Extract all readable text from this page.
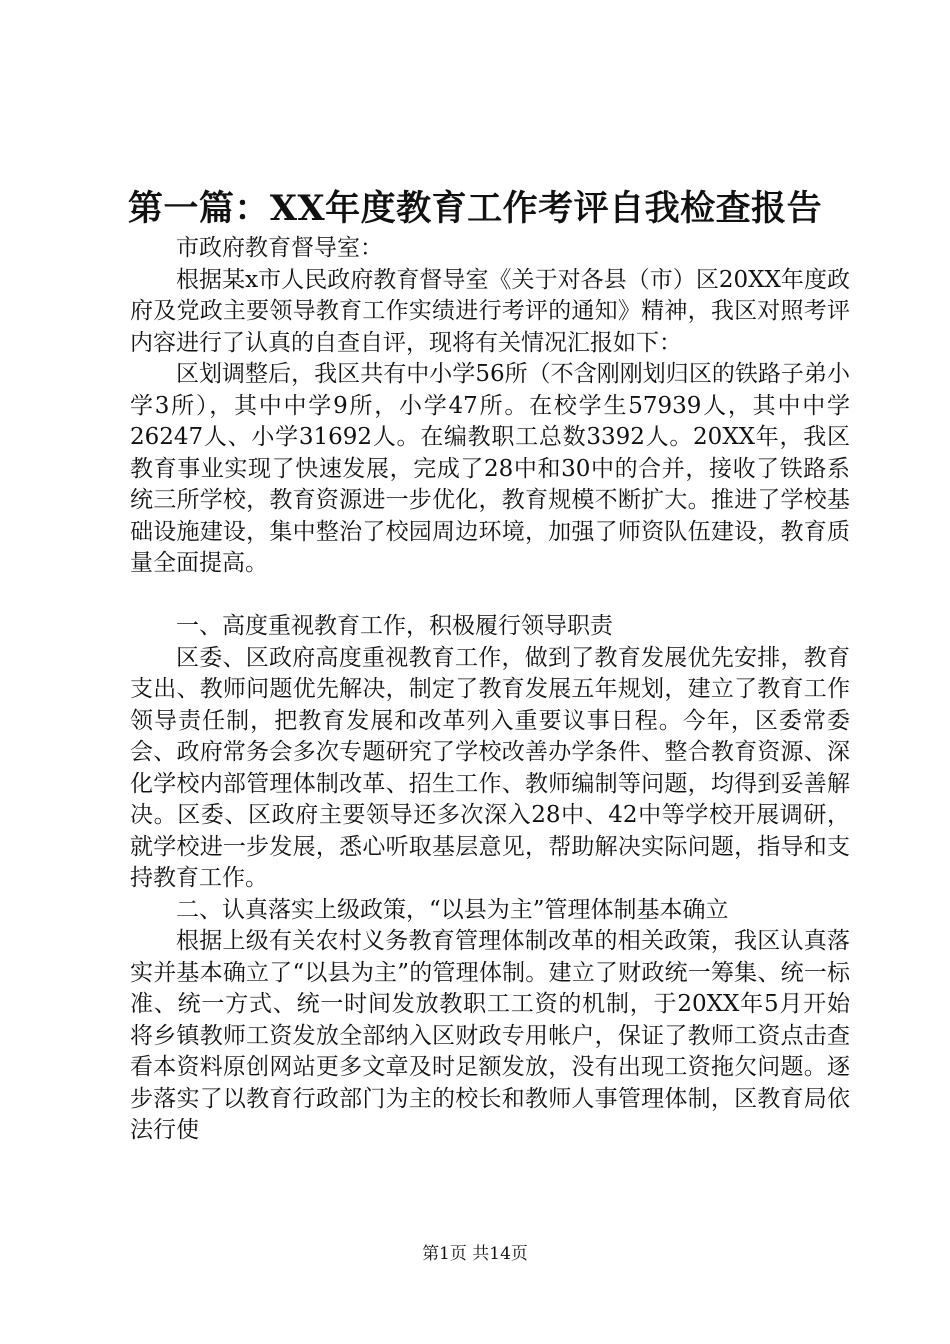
第一篇：XX年度教育工作考评自我检查报告

市政府教育督导室：

根据某x市人民政府教育督导室《关于对各县（市）区20XX年度政府及党政主要领导教育工作实绩进行考评的通知》精神，我区对照考评内容进行了认真的自查自评，现将有关情况汇报如下：

区划调整后，我区共有中小学56所（不含刚刚划归区的铁路子弟小学3所），其中中学9所，小学47所。在校学生57939人，其中中学26247人、小学31692人。在编教职工总数3392人。20XX年，我区教育事业实现了快速发展，完成了28中和30中的合并，接收了铁路系统三所学校，教育资源进一步优化，教育规模不断扩大。推进了学校基础设施建设，集中整治了校园周边环境，加强了师资队伍建设，教育质量全面提高。

一、高度重视教育工作，积极履行领导职责

区委、区政府高度重视教育工作，做到了教育发展优先安排，教育支出、教师问题优先解决，制定了教育发展五年规划，建立了教育工作领导责任制，把教育发展和改革列入重要议事日程。今年，区委常委会、政府常务会多次专题研究了学校改善办学条件、整合教育资源、深化学校内部管理体制改革、招生工作、教师编制等问题，均得到妥善解决。区委、区政府主要领导还多次深入28中、42中等学校开展调研，就学校进一步发展，悉心听取基层意见，帮助解决实际问题，指导和支持教育工作。

二、认真落实上级政策，“以县为主”管理体制基本确立

根据上级有关农村义务教育管理体制改革的相关政策，我区认真落实并基本确立了“以县为主”的管理体制。建立了财政统一筹集、统一标准、统一方式、统一时间发放教职工工资的机制，于20XX年5月开始将乡镇教师工资发放全部纳入区财政专用帐户，保证了教师工资点击查看本资料原创网站更多文章及时足额发放，没有出现工资拖欠问题。逐步落实了以教育行政部门为主的校长和教师人事管理体制，区教育局依法行使

第1页 共14页
